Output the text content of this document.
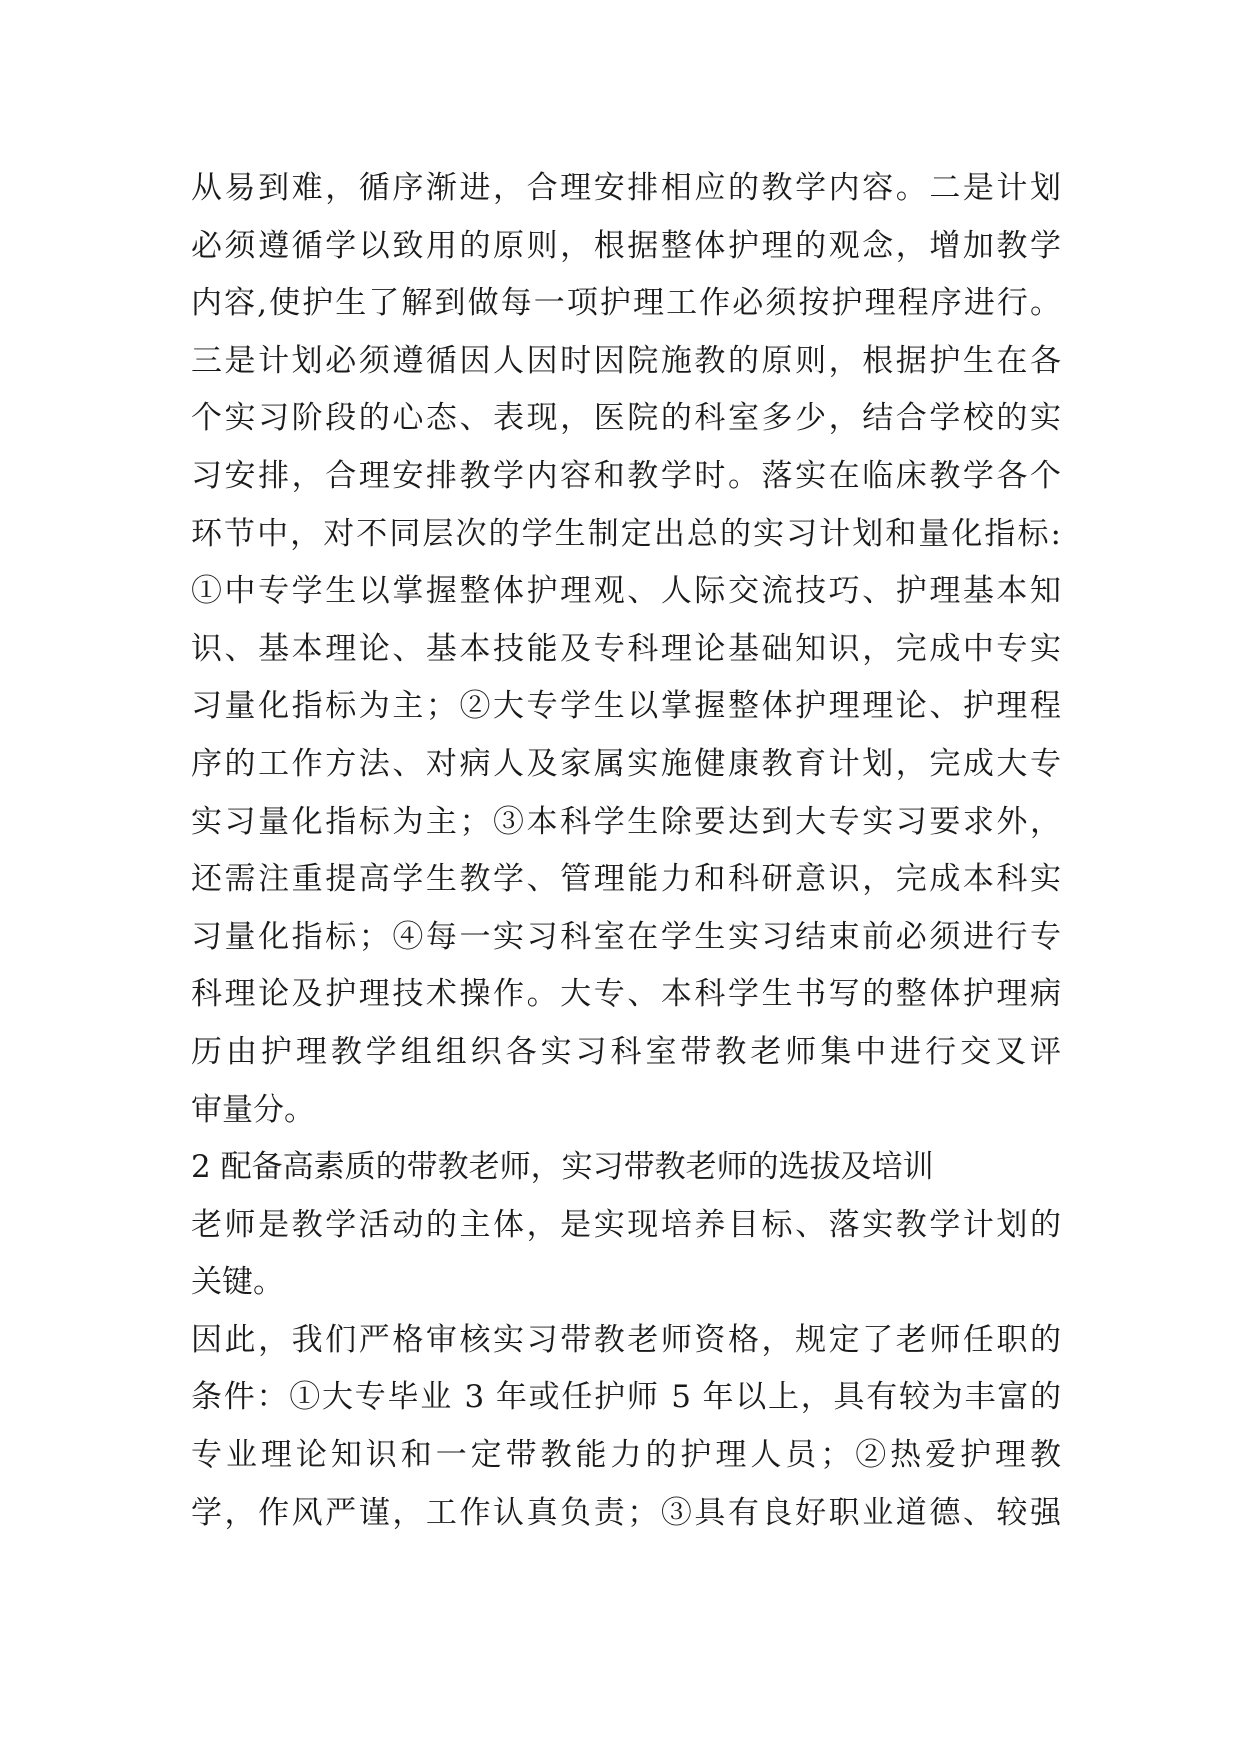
从易到难，循序渐进，合理安排相应的教学内容。二是计划
必须遵循学以致用的原则，根据整体护理的观念，增加教学
内容,使护生了解到做每一项护理工作必须按护理程序进行。
三是计划必须遵循因人因时因院施教的原则，根据护生在各
个实习阶段的心态、表现，医院的科室多少，结合学校的实
习安排，合理安排教学内容和教学时。落实在临床教学各个
环节中，对不同层次的学生制定出总的实习计划和量化指标:
①中专学生以掌握整体护理观、人际交流技巧、护理基本知
识、基本理论、基本技能及专科理论基础知识，完成中专实
习量化指标为主；②大专学生以掌握整体护理理论、护理程
序的工作方法、对病人及家属实施健康教育计划，完成大专
实习量化指标为主；③本科学生除要达到大专实习要求外，
还需注重提高学生教学、管理能力和科研意识，完成本科实
习量化指标；④每一实习科室在学生实习结束前必须进行专
科理论及护理技术操作。大专、本科学生书写的整体护理病
历由护理教学组组织各实习科室带教老师集中进行交叉评
审量分。
2 配备高素质的带教老师，实习带教老师的选拔及培训
老师是教学活动的主体，是实现培养目标、落实教学计划的
关键。
因此，我们严格审核实习带教老师资格，规定了老师任职的
条件：①大专毕业 3 年或任护师 5 年以上，具有较为丰富的
专业理论知识和一定带教能力的护理人员；②热爱护理教
学，作风严谨，工作认真负责；③具有良好职业道德、较强
